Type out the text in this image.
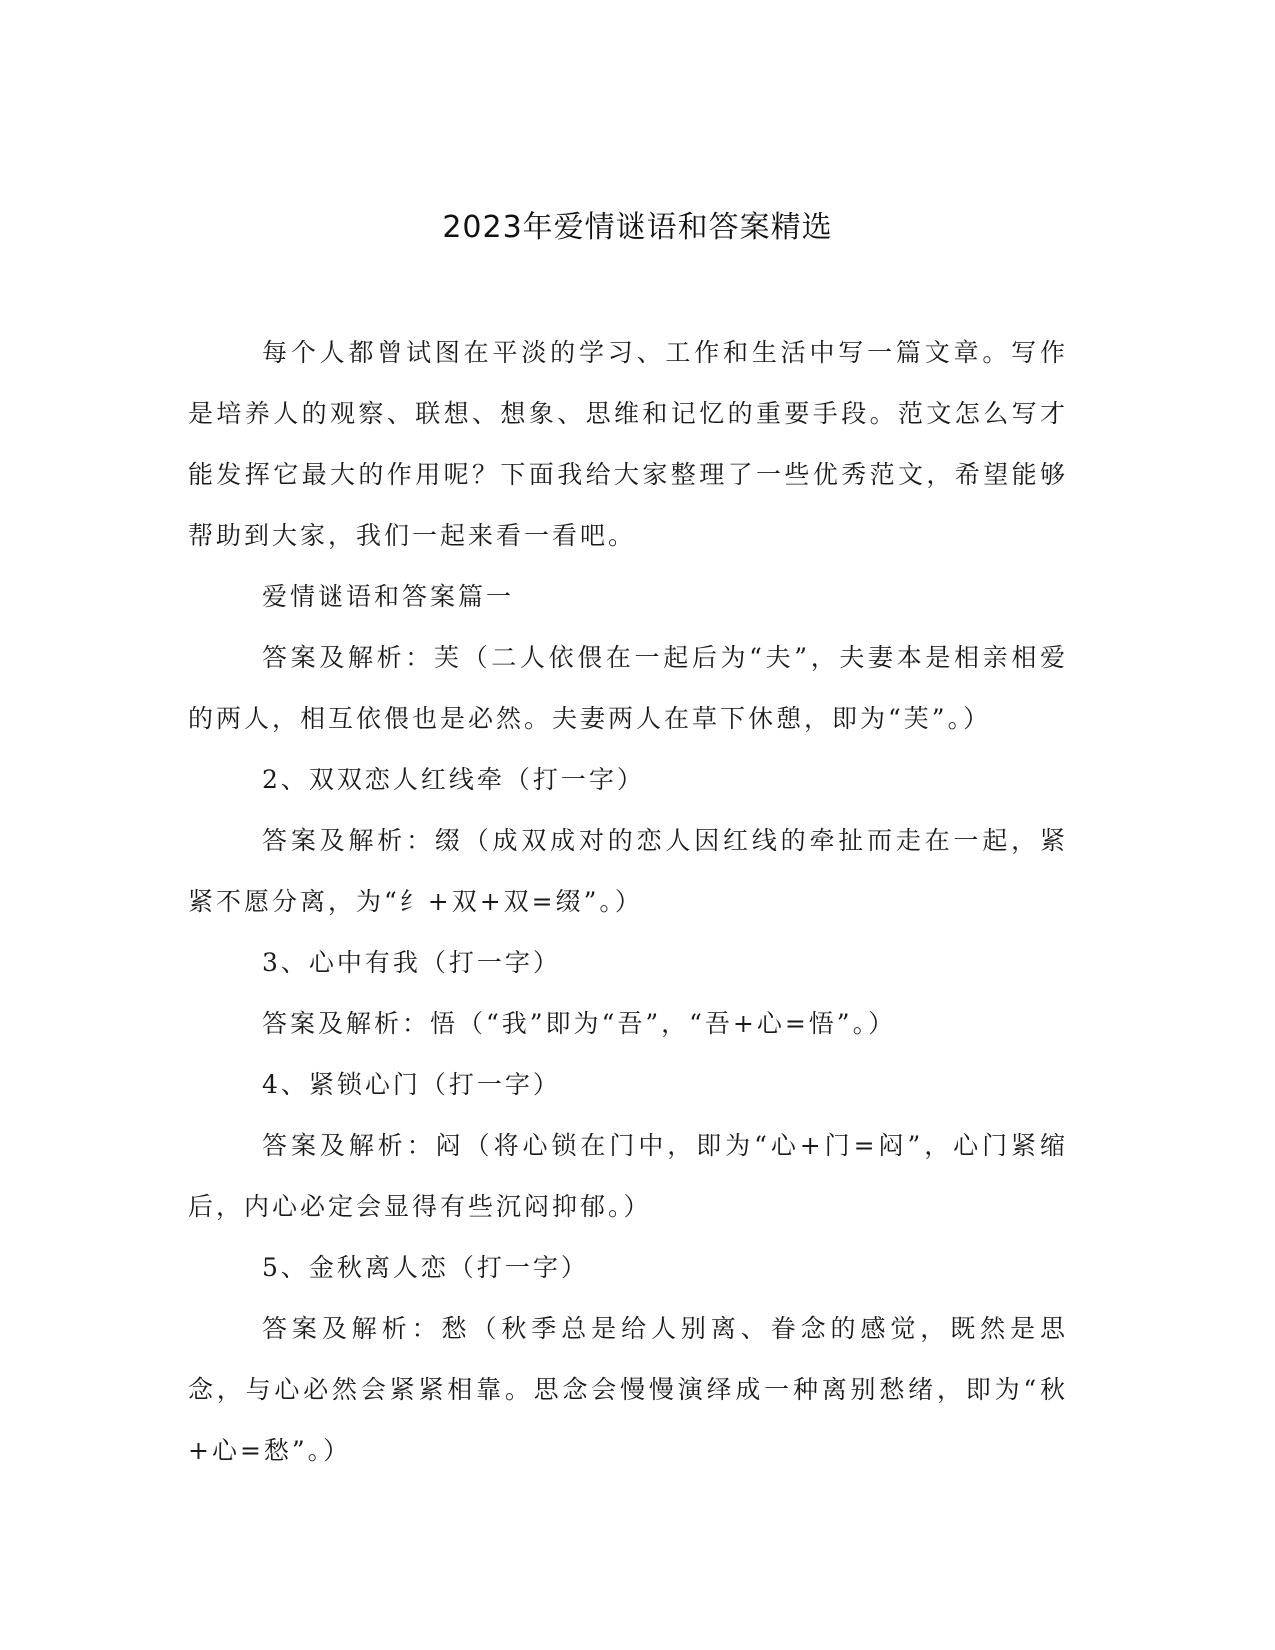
2023年爱情谜语和答案精选

每个人都曾试图在平淡的学习、工作和生活中写一篇文章。写作是培养人的观察、联想、想象、思维和记忆的重要手段。范文怎么写才能发挥它最大的作用呢？下面我给大家整理了一些优秀范文，希望能够帮助到大家，我们一起来看一看吧。

爱情谜语和答案篇一

答案及解析：芙（二人依偎在一起后为“夫”，夫妻本是相亲相爱的两人，相互依偎也是必然。夫妻两人在草下休憩，即为“芙”。）

2、双双恋人红线牵（打一字）

答案及解析：缀（成双成对的恋人因红线的牵扯而走在一起，紧紧不愿分离，为“纟+双+双=缀”。）

3、心中有我（打一字）

答案及解析：悟（“我”即为“吾”，“吾+心=悟”。）

4、紧锁心门（打一字）

答案及解析：闷（将心锁在门中，即为“心+门=闷”，心门紧缩后，内心必定会显得有些沉闷抑郁。）

5、金秋离人恋（打一字）

答案及解析：愁（秋季总是给人别离、眷念的感觉，既然是思念，与心必然会紧紧相靠。思念会慢慢演绎成一种离别愁绪，即为“秋+心=愁”。）
